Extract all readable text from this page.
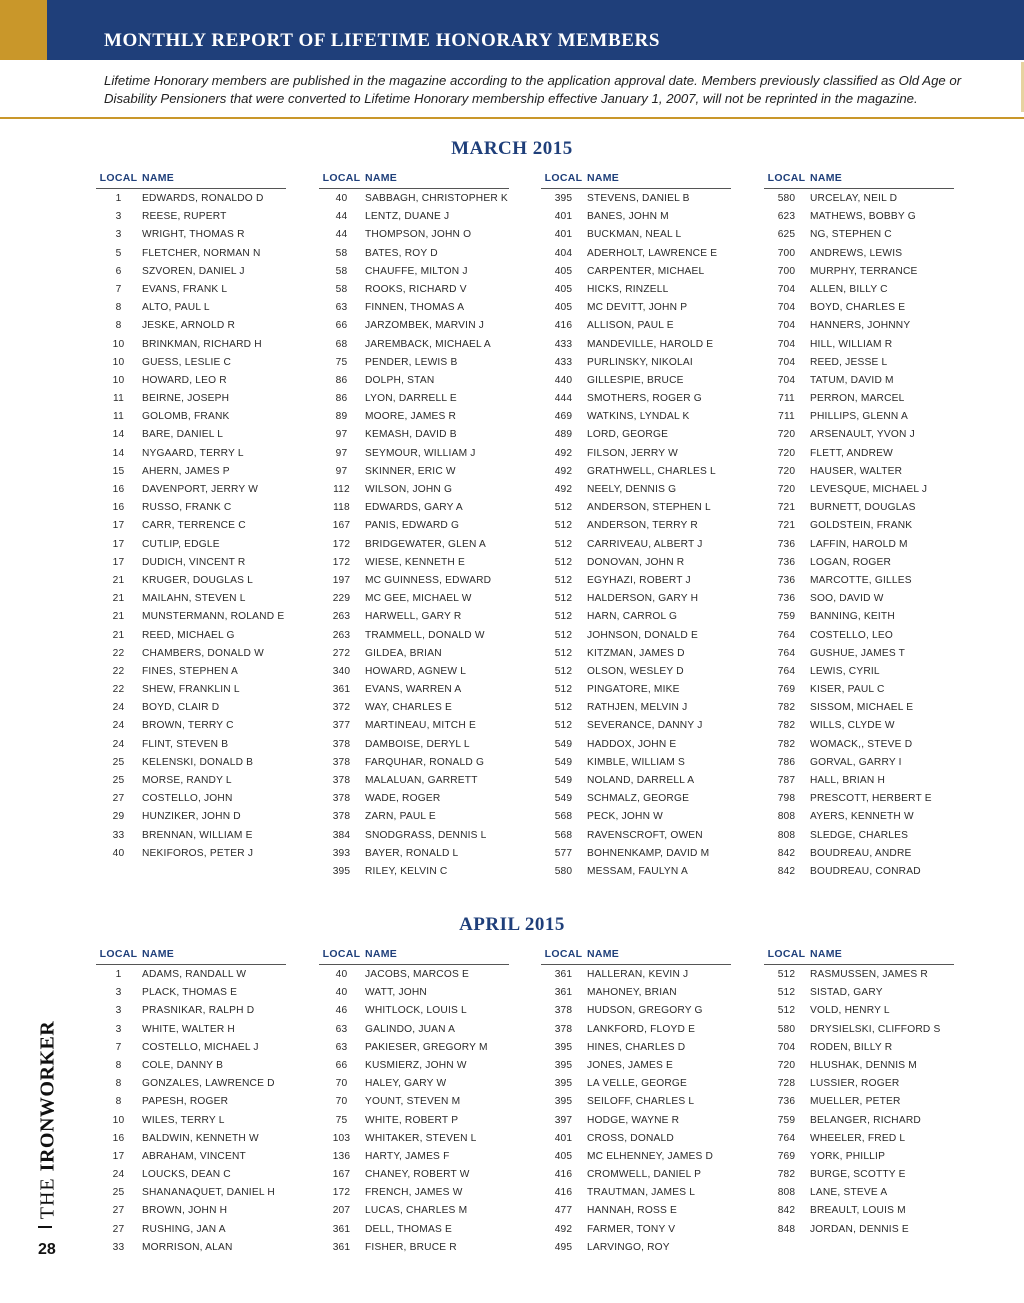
MONTHLY REPORT OF LIFETIME HONORARY MEMBERS

Lifetime Honorary members are published in the magazine according to the application approval date. Members previously classified as Old Age or Disability Pensioners that were converted to Lifetime Honorary membership effective January 1, 2007, will not be reprinted in the magazine.

MARCH 2015
LOCAL NAME
1	EDWARDS, RONALDO D
3	REESE, RUPERT
3	WRIGHT, THOMAS R
5	FLETCHER, NORMAN N
6	SZVOREN, DANIEL J
7	EVANS, FRANK L
8	ALTO, PAUL L
8	JESKE, ARNOLD R
10	BRINKMAN, RICHARD H
10	GUESS, LESLIE C
10	HOWARD, LEO R
11	BEIRNE, JOSEPH
11	GOLOMB, FRANK
14	BARE, DANIEL L
14	NYGAARD, TERRY L
15	AHERN, JAMES P
16	DAVENPORT, JERRY W
16	RUSSO, FRANK C
17	CARR, TERRENCE C
17	CUTLIP, EDGLE
17	DUDICH, VINCENT R
21	KRUGER, DOUGLAS L
21	MAILAHN, STEVEN L
21	MUNSTERMANN, ROLAND E
21	REED, MICHAEL G
22	CHAMBERS, DONALD W
22	FINES, STEPHEN A
22	SHEW, FRANKLIN L
24	BOYD, CLAIR D
24	BROWN, TERRY C
24	FLINT, STEVEN B
25	KELENSKI, DONALD B
25	MORSE, RANDY L
27	COSTELLO, JOHN
29	HUNZIKER, JOHN D
33	BRENNAN, WILLIAM E
40	NEKIFOROS, PETER J
LOCAL NAME
40	SABBAGH, CHRISTOPHER K
44	LENTZ, DUANE J
44	THOMPSON, JOHN O
58	BATES, ROY D
58	CHAUFFE, MILTON J
58	ROOKS, RICHARD V
63	FINNEN, THOMAS A
66	JARZOMBEK, MARVIN J
68	JAREMBACK, MICHAEL A
75	PENDER, LEWIS B
86	DOLPH, STAN
86	LYON, DARRELL E
89	MOORE, JAMES R
97	KEMASH, DAVID B
97	SEYMOUR, WILLIAM J
97	SKINNER, ERIC W
112	WILSON, JOHN G
118	EDWARDS, GARY A
167	PANIS, EDWARD G
172	BRIDGEWATER, GLEN A
172	WIESE, KENNETH E
197	MC GUINNESS, EDWARD
229	MC GEE, MICHAEL W
263	HARWELL, GARY R
263	TRAMMELL, DONALD W
272	GILDEA, BRIAN
340	HOWARD, AGNEW L
361	EVANS, WARREN A
372	WAY, CHARLES E
377	MARTINEAU, MITCH E
378	DAMBOISE, DERYL L
378	FARQUHAR, RONALD G
378	MALALUAN, GARRETT
378	WADE, ROGER
378	ZARN, PAUL E
384	SNODGRASS, DENNIS L
393	BAYER, RONALD L
395	RILEY, KELVIN C
LOCAL NAME
395	STEVENS, DANIEL B
401	BANES, JOHN M
401	BUCKMAN, NEAL L
404	ADERHOLT, LAWRENCE E
405	CARPENTER, MICHAEL
405	HICKS, RINZELL
405	MC DEVITT, JOHN P
416	ALLISON, PAUL E
433	MANDEVILLE, HAROLD E
433	PURLINSKY, NIKOLAI
440	GILLESPIE, BRUCE
444	SMOTHERS, ROGER G
469	WATKINS, LYNDAL K
489	LORD, GEORGE
492	FILSON, JERRY W
492	GRATHWELL, CHARLES L
492	NEELY, DENNIS G
512	ANDERSON, STEPHEN L
512	ANDERSON, TERRY R
512	CARRIVEAU, ALBERT J
512	DONOVAN, JOHN R
512	EGYHAZI, ROBERT J
512	HALDERSON, GARY H
512	HARN, CARROL G
512	JOHNSON, DONALD E
512	KITZMAN, JAMES D
512	OLSON, WESLEY D
512	PINGATORE, MIKE
512	RATHJEN, MELVIN J
512	SEVERANCE, DANNY J
549	HADDOX, JOHN E
549	KIMBLE, WILLIAM S
549	NOLAND, DARRELL A
549	SCHMALZ, GEORGE
568	PECK, JOHN W
568	RAVENSCROFT, OWEN
577	BOHNENKAMP, DAVID M
580	MESSAM, FAULYN A
LOCAL NAME
580	URCELAY, NEIL D
623	MATHEWS, BOBBY G
625	NG, STEPHEN C
700	ANDREWS, LEWIS
700	MURPHY, TERRANCE
704	ALLEN, BILLY C
704	BOYD, CHARLES E
704	HANNERS, JOHNNY
704	HILL, WILLIAM R
704	REED, JESSE L
704	TATUM, DAVID M
711	PERRON, MARCEL
711	PHILLIPS, GLENN A
720	ARSENAULT, YVON J
720	FLETT, ANDREW
720	HAUSER, WALTER
720	LEVESQUE, MICHAEL J
721	BURNETT, DOUGLAS
721	GOLDSTEIN, FRANK
736	LAFFIN, HAROLD M
736	LOGAN, ROGER
736	MARCOTTE, GILLES
736	SOO, DAVID W
759	BANNING, KEITH
764	COSTELLO, LEO
764	GUSHUE, JAMES T
764	LEWIS, CYRIL
769	KISER, PAUL C
782	SISSOM, MICHAEL E
782	WILLS, CLYDE W
782	WOMACK,, STEVE D
786	GORVAL, GARRY I
787	HALL, BRIAN H
798	PRESCOTT, HERBERT E
808	AYERS, KENNETH W
808	SLEDGE, CHARLES
842	BOUDREAU, ANDRE
842	BOUDREAU, CONRAD
APRIL 2015
LOCAL NAME
1	ADAMS, RANDALL W
3	PLACK, THOMAS E
3	PRASNIKAR, RALPH D
3	WHITE, WALTER H
7	COSTELLO, MICHAEL J
8	COLE, DANNY B
8	GONZALES, LAWRENCE D
8	PAPESH, ROGER
10	WILES, TERRY L
16	BALDWIN, KENNETH W
17	ABRAHAM, VINCENT
24	LOUCKS, DEAN C
25	SHANANAQUET, DANIEL H
27	BROWN, JOHN H
27	RUSHING, JAN A
33	MORRISON, ALAN
LOCAL NAME
40	JACOBS, MARCOS E
40	WATT, JOHN
46	WHITLOCK, LOUIS L
63	GALINDO, JUAN A
63	PAKIESER, GREGORY M
66	KUSMIERZ, JOHN W
70	HALEY, GARY W
70	YOUNT, STEVEN M
75	WHITE, ROBERT P
103	WHITAKER, STEVEN L
136	HARTY, JAMES F
167	CHANEY, ROBERT W
172	FRENCH, JAMES W
207	LUCAS, CHARLES M
361	DELL, THOMAS E
361	FISHER, BRUCE R
LOCAL NAME
361	HALLERAN, KEVIN J
361	MAHONEY, BRIAN
378	HUDSON, GREGORY G
378	LANKFORD, FLOYD E
395	HINES, CHARLES D
395	JONES, JAMES E
395	LA VELLE, GEORGE
395	SEILOFF, CHARLES L
397	HODGE, WAYNE R
401	CROSS, DONALD
405	MC ELHENNEY, JAMES D
416	CROMWELL, DANIEL P
416	TRAUTMAN, JAMES L
477	HANNAH, ROSS E
492	FARMER, TONY V
495	LARVINGO, ROY
LOCAL NAME
512	RASMUSSEN, JAMES R
512	SISTAD, GARY
512	VOLD, HENRY L
580	DRYSIELSKI, CLIFFORD S
704	RODEN, BILLY R
720	HLUSHAK, DENNIS M
728	LUSSIER, ROGER
736	MUELLER, PETER
759	BELANGER, RICHARD
764	WHEELER, FRED L
769	YORK, PHILLIP
782	BURGE, SCOTTY E
808	LANE, STEVE A
842	BREAULT, LOUIS M
848	JORDAN, DENNIS E
THE IRONWORKER
28
